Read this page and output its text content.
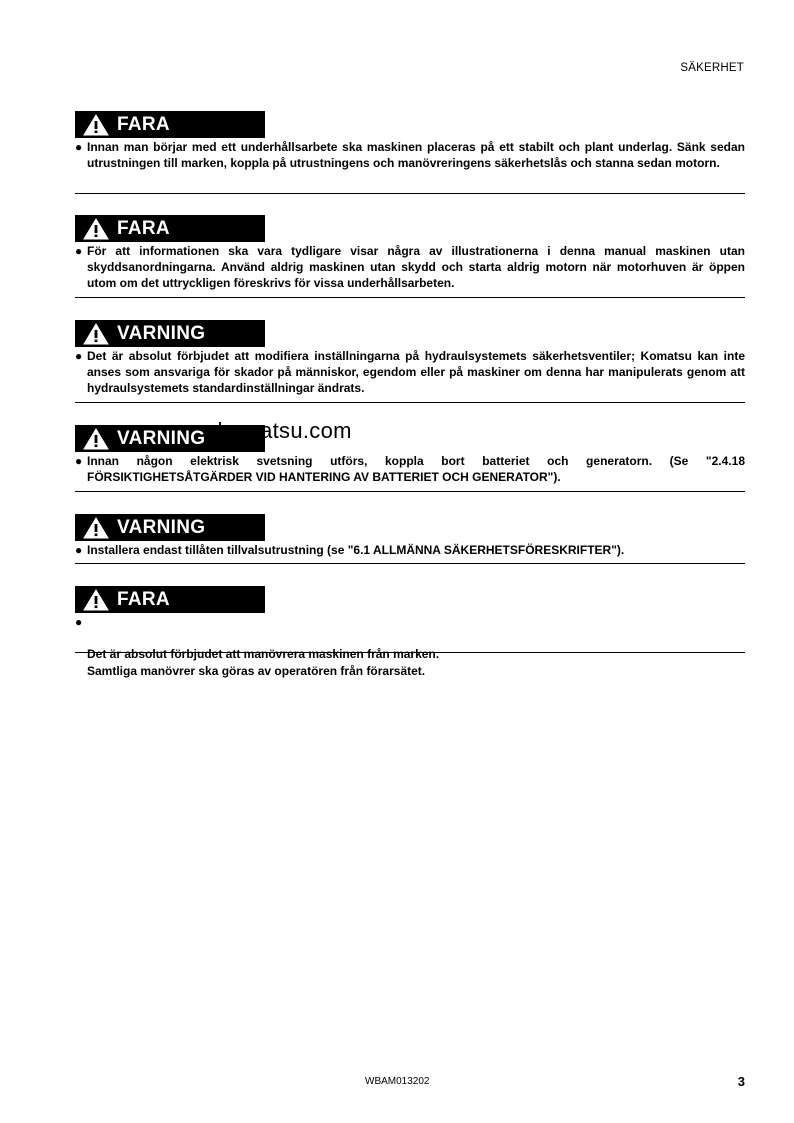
SÄKERHET
FARA
● Innan man börjar med ett underhållsarbete ska maskinen placeras på ett stabilt och plant underlag. Sänk sedan utrustningen till marken, koppla på utrustningens och manövreringens säkerhetslås och stanna sedan motorn.
FARA
● För att informationen ska vara tydligare visar några av illustrationerna i denna manual maskinen utan skyddsanordningarna. Använd aldrig maskinen utan skydd och starta aldrig motorn när motorhuven är öppen utom om det uttryckligen föreskrivs för vissa underhållsarbeten.
VARNING
● Det är absolut förbjudet att modifiera inställningarna på hydraulsystemets säkerhetsventiler; Komatsu kan inte anses som ansvariga för skador på människor, egendom eller på maskiner om denna har manipulerats genom att hydraulsystemets standardinställningar ändrats.
VARNING
● Innan någon elektrisk svetsning utförs, koppla bort batteriet och generatorn. (Se "2.4.18 FÖRSIKTIGHETSÅTGÄRDER VID HANTERING AV BATTERIET OCH GENERATOR").
VARNING
● Installera endast tillåten tillvalsutrustning (se "6.1 ALLMÄNNA SÄKERHETSFÖRESKRIFTER").
FARA

●

Det är absolut förbjudet att manövrera maskinen från marken.
Samtliga manövrer ska göras av operatören från förarsätet.

-komatsu.com
WBAM013202	3
